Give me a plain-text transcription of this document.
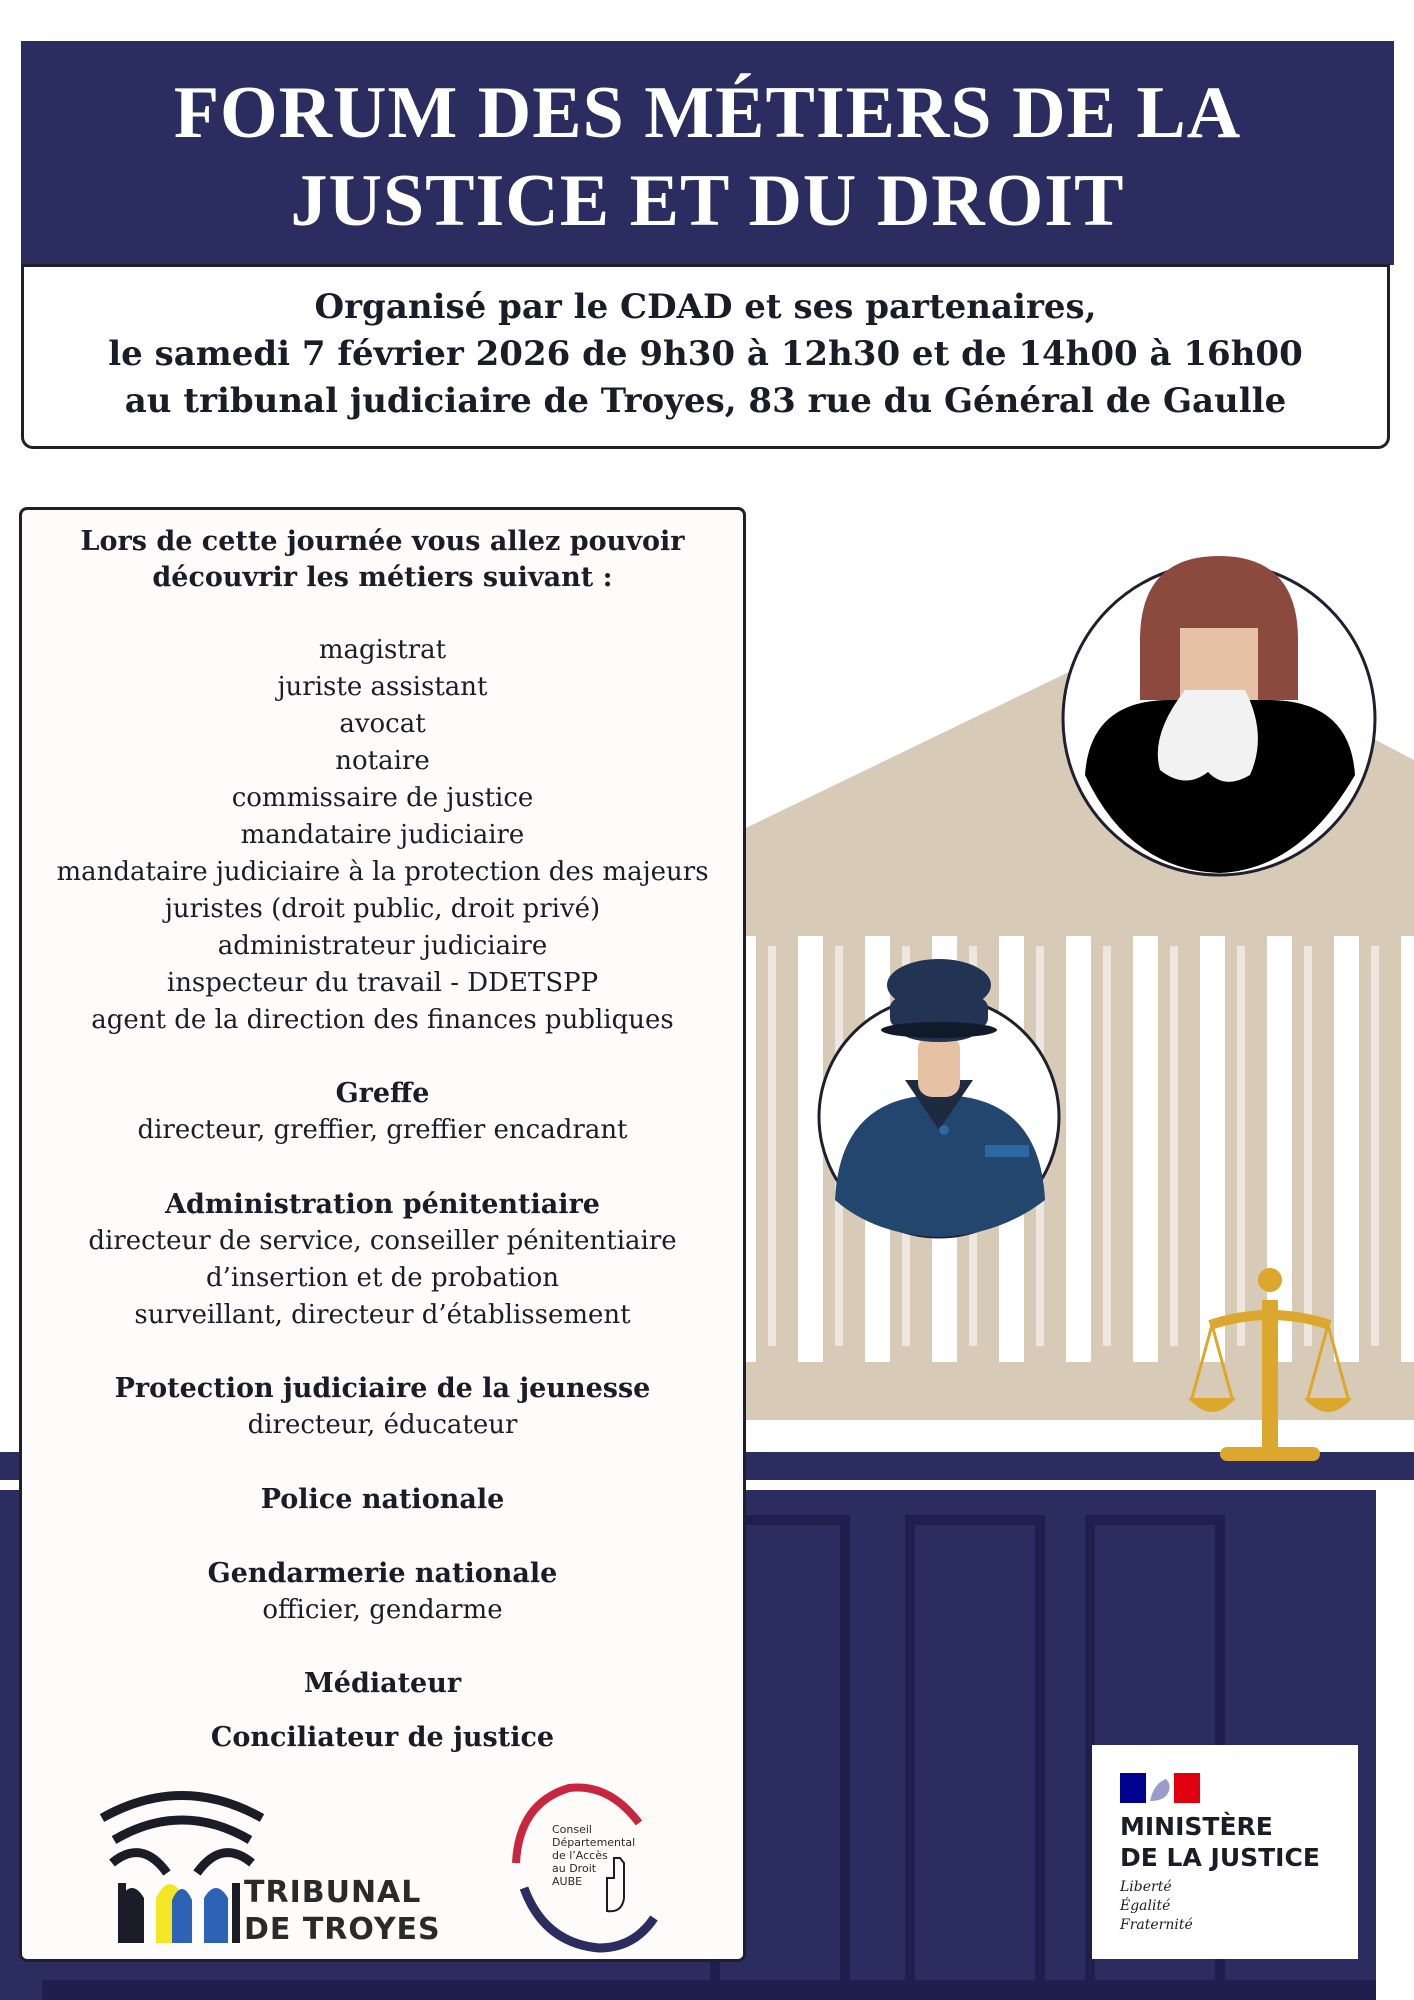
FORUM DES MÉTIERS DE LA
JUSTICE ET DU DROIT
Organisé par le CDAD et ses partenaires,
le samedi 7 février 2026 de 9h30 à 12h30 et de 14h00 à 16h00
au tribunal judiciaire de Troyes, 83 rue du Général de Gaulle
Lors de cette journée vous allez pouvoir
découvrir les métiers suivant :
magistrat
juriste assistant
avocat
notaire
commissaire de justice
mandataire judiciaire
mandataire judiciaire à la protection des majeurs
juristes (droit public, droit privé)
administrateur judiciaire
inspecteur du travail - DDETSPP
agent de la direction des finances publiques
Greffe
directeur, greffier, greffier encadrant
Administration pénitentiaire
directeur de service, conseiller pénitentiaire
d’insertion et de probation
surveillant, directeur d’établissement
Protection judiciaire de la jeunesse
directeur, éducateur
Police nationale
Gendarmerie nationale
officier, gendarme
Médiateur
Conciliateur de justice
TRIBUNAL
DE TROYES
Conseil
Départemental
de l’Accès
au Droit
AUBE
MINISTÈRE
DE LA JUSTICE
Liberté
Égalité
Fraternité
